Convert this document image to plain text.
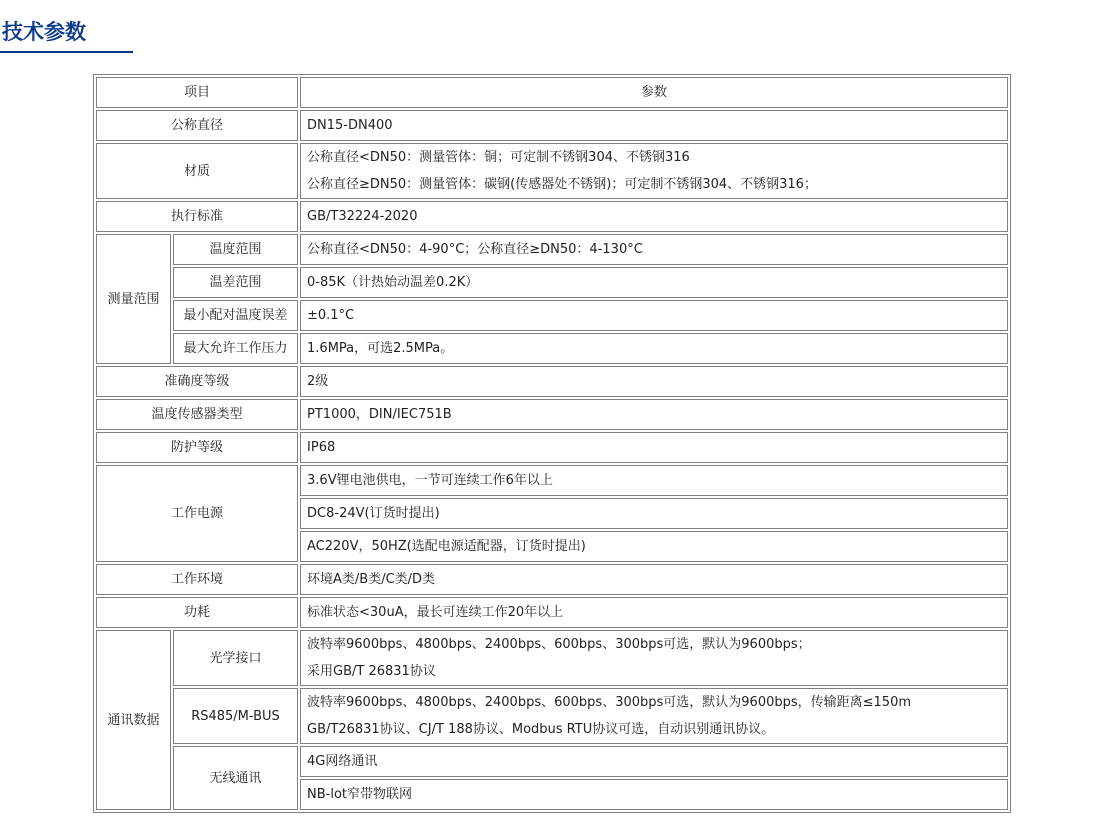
技术参数
项目		参数
公称直径		DN15-DN400
材质		公称直径<DN50：测量管体：铜；可定制不锈钢304、不锈钢316
公称直径≥DN50：测量管体：碳钢(传感器处不锈钢)；可定制不锈钢304、不锈钢316；

执行标准		GB/T32224-2020
测量范围	温度范围	公称直径<DN50：4-90°C；公称直径≥DN50：4-130°C
	温差范围	0-85K（计热始动温差0.2K）
	最小配对温度误差	±0.1°C
	最大允许工作压力	1.6MPa，可选2.5MPa。
准确度等级		2级
温度传感器类型		PT1000，DIN/IEC751B
防护等级		IP68
工作电源		3.6V锂电池供电，一节可连续工作6年以上
		DC8-24V(订货时提出)
		AC220V，50HZ(选配电源适配器，订货时提出)
工作环境		环境A类/B类/C类/D类
功耗		标准状态<30uA，最长可连续工作20年以上
通讯数据	光学接口	波特率9600bps、4800bps、2400bps、600bps、300bps可选，默认为9600bps；
采用GB/T 26831协议

	RS485/M-BUS	波特率9600bps、4800bps、2400bps、600bps、300bps可选，默认为9600bps，传输距离≤150m
GB/T26831协议、CJ/T 188协议、Modbus RTU协议可选，自动识别通讯协议。

	无线通讯	4G网络通讯
		NB-lot窄带物联网
